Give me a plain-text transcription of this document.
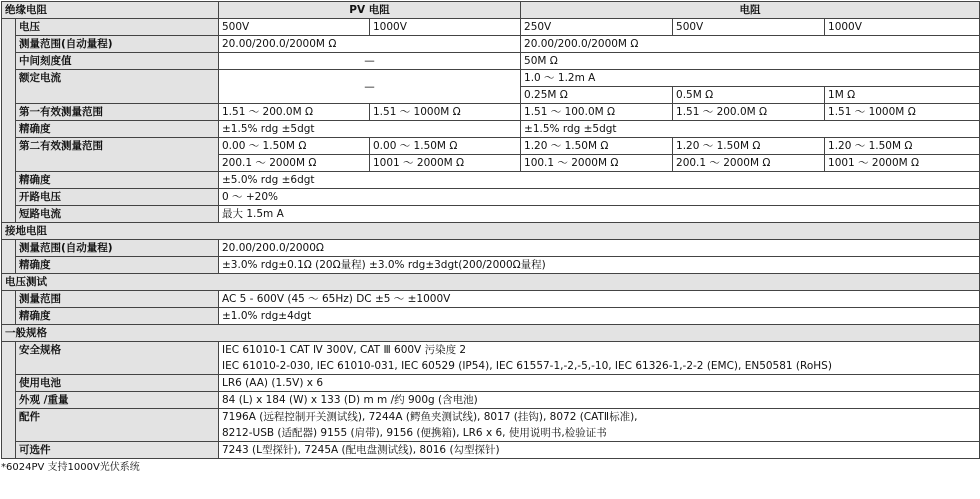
绝缘电阻		PV 电阻		电阻		
	电压	500V	1000V	250V	500V	1000V
	测量范围(自动量程)	20.00/200.0/2000M Ω		20.00/200.0/2000M Ω		
	中间刻度值	—		50M Ω		
	额定电流	—		1.0 ～ 1.2m A		
				0.25M Ω	0.5M Ω	1M Ω
	第一有效测量范围	1.51 ～ 200.0M Ω	1.51 ～ 1000M Ω	1.51 ～ 100.0M Ω	1.51 ～ 200.0M Ω	1.51 ～ 1000M Ω
	精确度	±1.5% rdg ±5dgt		±1.5% rdg ±5dgt		
	第二有效测量范围	0.00 ～ 1.50M Ω	0.00 ～ 1.50M Ω	1.20 ～ 1.50M Ω	1.20 ～ 1.50M Ω	1.20 ～ 1.50M Ω
		200.1 ～ 2000M Ω	1001 ～ 2000M Ω	100.1 ～ 2000M Ω	200.1 ～ 2000M Ω	1001 ～ 2000M Ω
	精确度	±5.0% rdg ±6dgt				
	开路电压	0 ～ +20%				
	短路电流	最大 1.5m A				
接地电阻						
	测量范围(自动量程)	20.00/200.0/2000Ω				
	精确度	±3.0% rdg±0.1Ω (20Ω量程) ±3.0% rdg±3dgt(200/2000Ω量程)				
电压测试						
	测量范围	AC 5 - 600V (45 ～ 65Hz) DC ±5 ～ ±1000V				
	精确度	±1.0% rdg±4dgt				
一般规格						
	安全规格	IEC 61010-1 CAT Ⅳ 300V, CAT Ⅲ 600V 污染度 2				
		IEC 61010-2-030, IEC 61010-031, IEC 60529 (IP54), IEC 61557-1,-2,-5,-10, IEC 61326-1,-2-2 (EMC), EN50581 (RoHS)				
	使用电池	LR6 (AA) (1.5V) x 6				
	外观 /重量	84 (L) x 184 (W) x 133 (D) m m /约 900g (含电池)				
	配件	7196A (远程控制开关测试线), 7244A (鳄鱼夹测试线), 8017 (挂钩), 8072 (CATⅡ标准),				
		8212-USB (适配器) 9155 (肩带), 9156 (便携箱), LR6 x 6, 使用说明书,检验证书				
	可选件	7243 (L型探针), 7245A (配电盘测试线), 8016 (勾型探针)				
*6024PV 支持1000V光伏系统
